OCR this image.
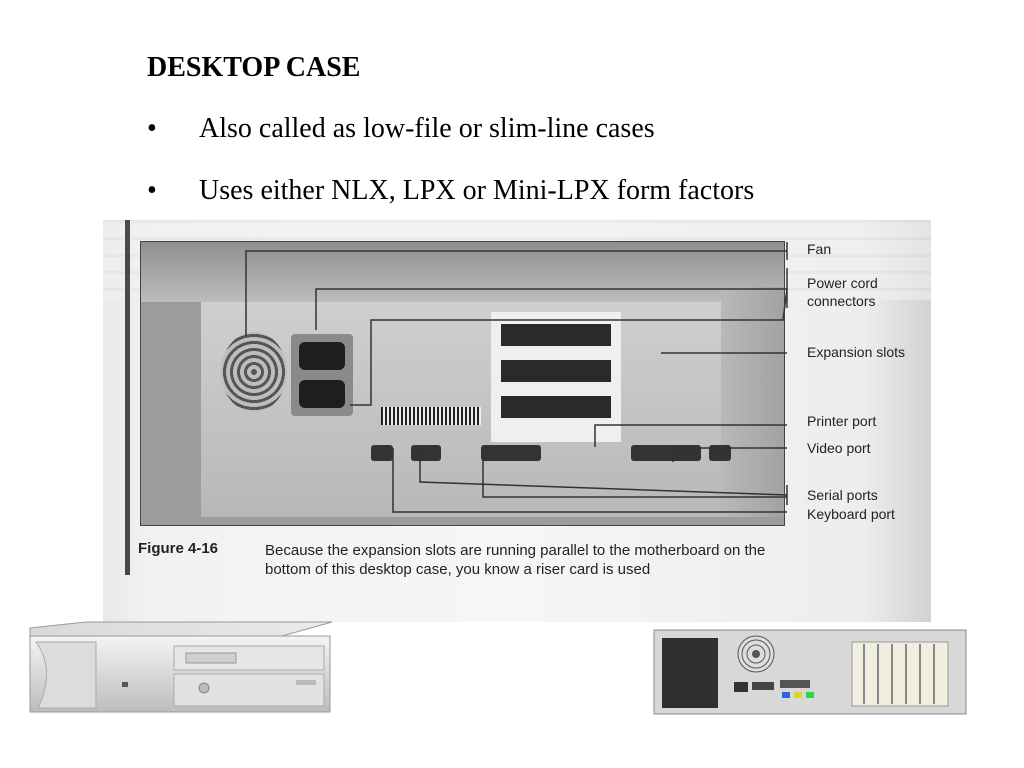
DESKTOP CASE
• Also called as low-file or slim-line cases
• Uses either NLX, LPX or Mini-LPX form factors
Fan
Power cord
connectors
Expansion slots
Printer port
Video port
Serial ports
Keyboard port
Figure 4-16	Because the expansion slots are running parallel to the motherboard on the
bottom of this desktop case, you know a riser card is used
